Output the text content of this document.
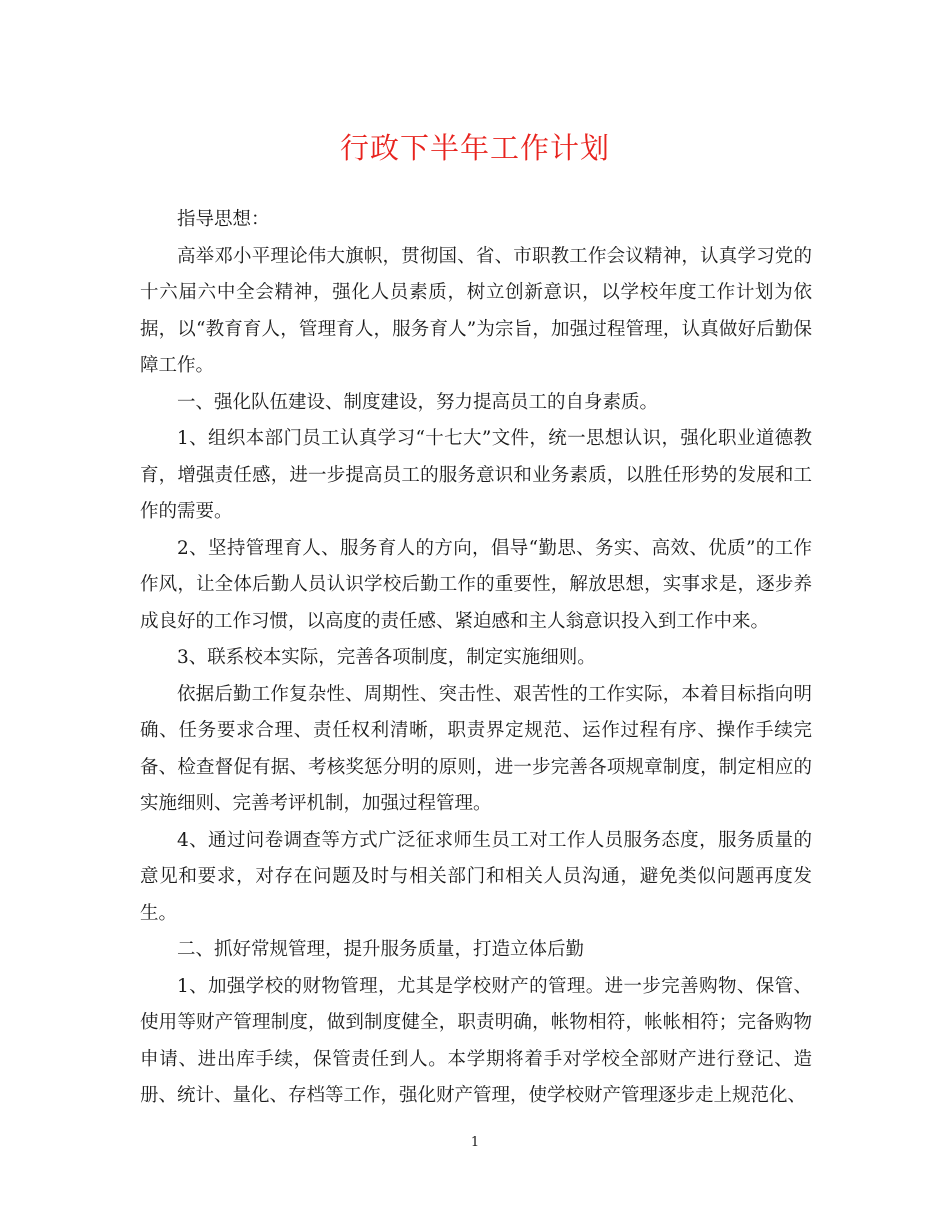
行政下半年工作计划

指导思想：

高举邓小平理论伟大旗帜，贯彻国、省、市职教工作会议精神，认真学习党的十六届六中全会精神，强化人员素质，树立创新意识，以学校年度工作计划为依据，以“教育育人，管理育人，服务育人”为宗旨，加强过程管理，认真做好后勤保障工作。

一、强化队伍建设、制度建设，努力提高员工的自身素质。

1、组织本部门员工认真学习“十七大”文件，统一思想认识，强化职业道德教育，增强责任感，进一步提高员工的服务意识和业务素质，以胜任形势的发展和工作的需要。

2、坚持管理育人、服务育人的方向，倡导“勤思、务实、高效、优质”的工作作风，让全体后勤人员认识学校后勤工作的重要性，解放思想，实事求是，逐步养成良好的工作习惯，以高度的责任感、紧迫感和主人翁意识投入到工作中来。

3、联系校本实际，完善各项制度，制定实施细则。

依据后勤工作复杂性、周期性、突击性、艰苦性的工作实际，本着目标指向明确、任务要求合理、责任权利清晰，职责界定规范、运作过程有序、操作手续完备、检查督促有据、考核奖惩分明的原则，进一步完善各项规章制度，制定相应的实施细则、完善考评机制，加强过程管理。

4、通过问卷调查等方式广泛征求师生员工对工作人员服务态度，服务质量的意见和要求，对存在问题及时与相关部门和相关人员沟通，避免类似问题再度发生。

二、抓好常规管理，提升服务质量，打造立体后勤

1、加强学校的财物管理，尤其是学校财产的管理。进一步完善购物、保管、使用等财产管理制度，做到制度健全，职责明确，帐物相符，帐帐相符；完备购物申请、进出库手续，保管责任到人。本学期将着手对学校全部财产进行登记、造册、统计、量化、存档等工作，强化财产管理，使学校财产管理逐步走上规范化、

1
